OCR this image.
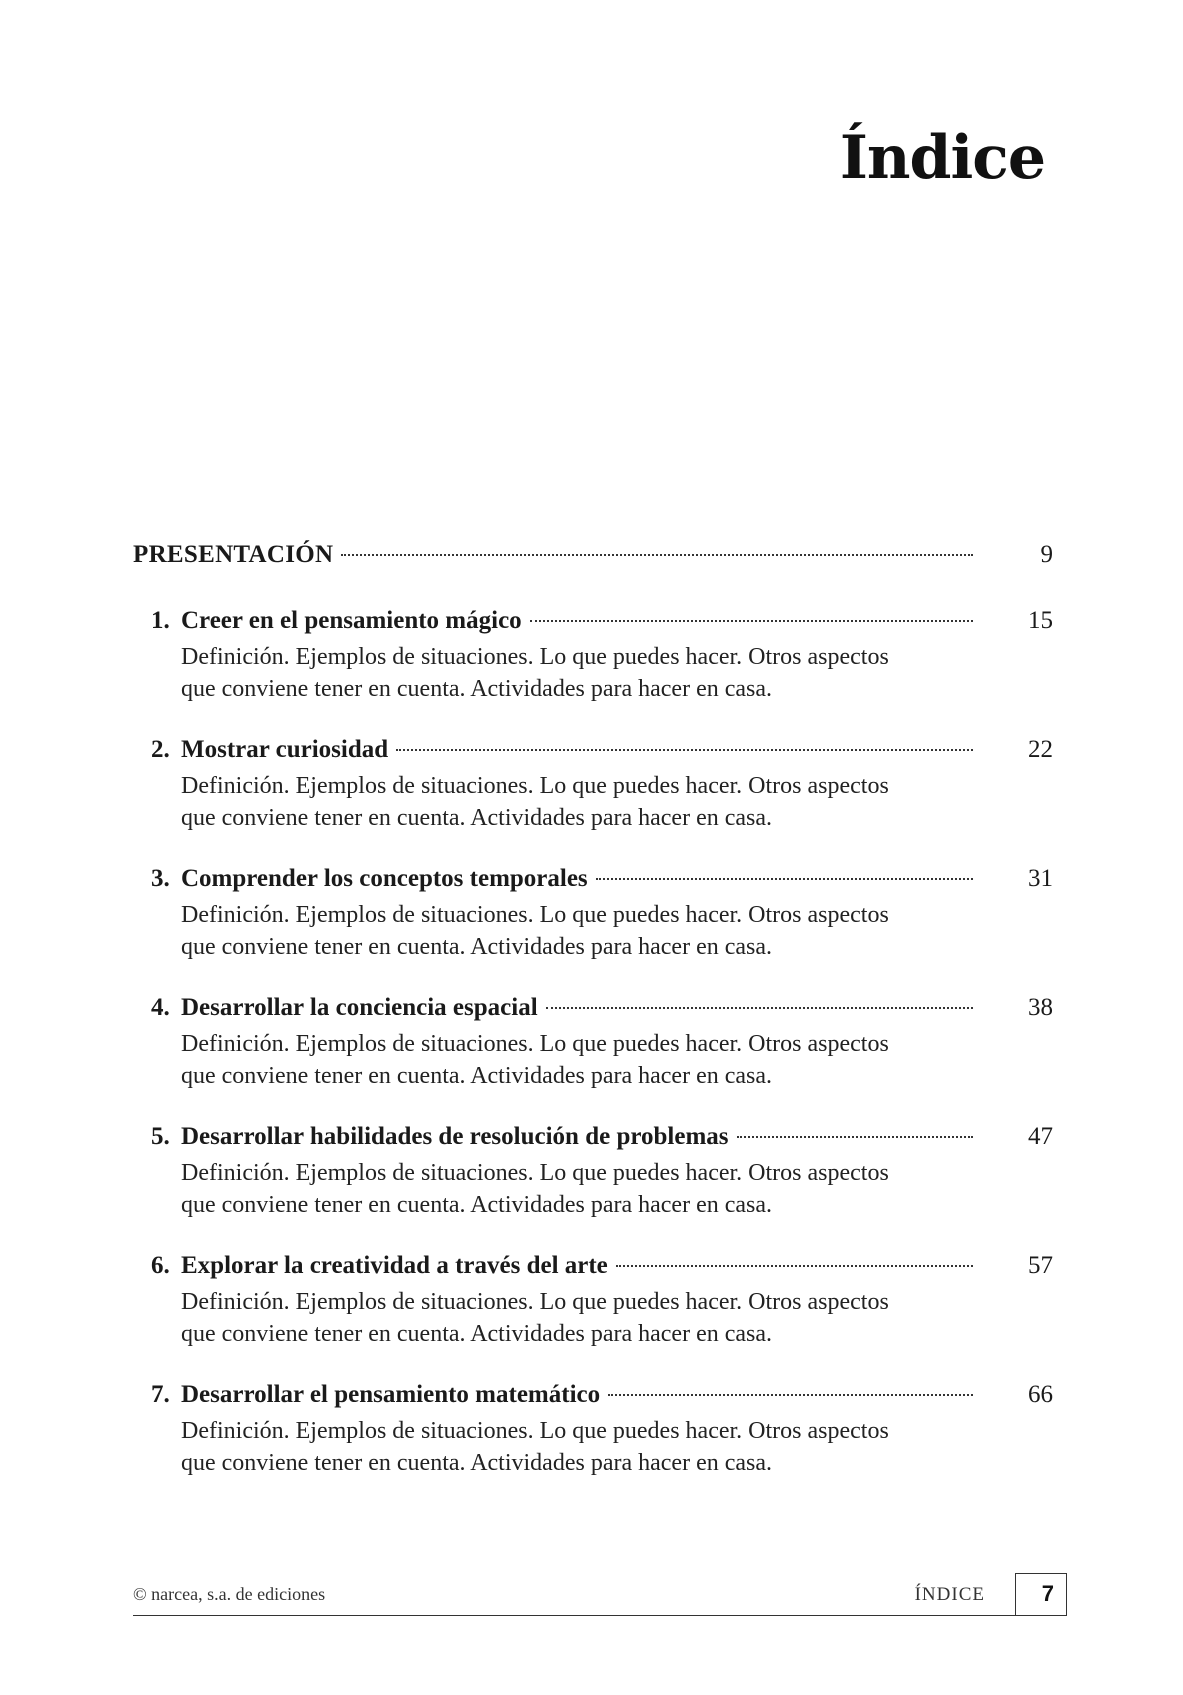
Índice
PRESENTACIÓN	9
1. Creer en el pensamiento mágico	15

Definición. Ejemplos de situaciones. Lo que puedes hacer. Otros aspectos
que conviene tener en cuenta. Actividades para hacer en casa.

2. Mostrar curiosidad	22

Definición. Ejemplos de situaciones. Lo que puedes hacer. Otros aspectos
que conviene tener en cuenta. Actividades para hacer en casa.

3. Comprender los conceptos temporales	31

Definición. Ejemplos de situaciones. Lo que puedes hacer. Otros aspectos
que conviene tener en cuenta. Actividades para hacer en casa.

4. Desarrollar la conciencia espacial	38

Definición. Ejemplos de situaciones. Lo que puedes hacer. Otros aspectos
que conviene tener en cuenta. Actividades para hacer en casa.

5. Desarrollar habilidades de resolución de problemas	47

Definición. Ejemplos de situaciones. Lo que puedes hacer. Otros aspectos
que conviene tener en cuenta. Actividades para hacer en casa.

6. Explorar la creatividad a través del arte	57

Definición. Ejemplos de situaciones. Lo que puedes hacer. Otros aspectos
que conviene tener en cuenta. Actividades para hacer en casa.

7. Desarrollar el pensamiento matemático	66

Definición. Ejemplos de situaciones. Lo que puedes hacer. Otros aspectos
que conviene tener en cuenta. Actividades para hacer en casa.

© narcea, s.a. de ediciones	ÍNDICE	7
